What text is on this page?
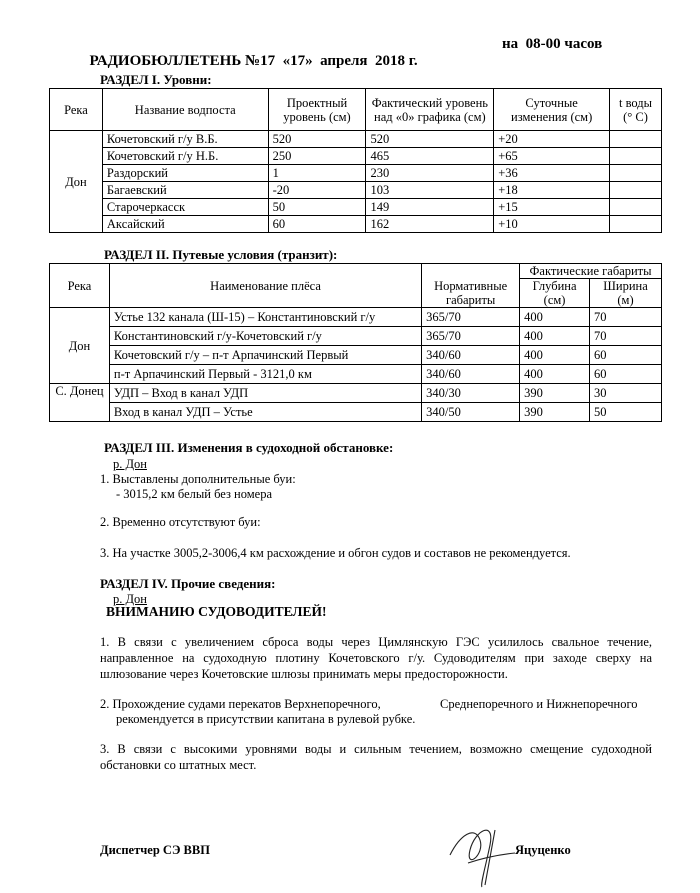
РАДИОБЮЛЛЕТЕНЬ №17  «17»  апреля  2018 г.

на  08-00 часов

РАЗДЕЛ I. Уровни:
Река	Название водпоста	Проектный уровень (см)	Фактический уровень над «0» графика (см)	Суточные изменения (см)	t воды (° С)
Дон	Кочетовский г/у В.Б.	520	520	+20	
	Кочетовский г/у Н.Б.	250	465	+65	
	Раздорский	1	230	+36	
	Багаевский	-20	103	+18	
	Старочеркасск	50	149	+15	
	Аксайский	60	162	+10	
РАЗДЕЛ II. Путевые условия (транзит):
Река	Наименование плёса	Нормативные габариты	Фактические габариты	
			Глубина (см)	Ширина (м)
Дон	Устье 132 канала (Ш-15) – Константиновский г/у	365/70	400	70
	Константиновский г/у-Кочетовский г/у	365/70	400	70
	Кочетовский г/у – п-т Арпачинский Первый	340/60	400	60
	п-т Арпачинский Первый - 3121,0 км	340/60	400	60
С. Донец	УДП – Вход в канал УДП	340/30	390	30
	Вход в канал УДП – Устье	340/50	390	50
РАЗДЕЛ III. Изменения в судоходной обстановке:
р. Дон
1. Выставлены дополнительные буи:
- 3015,2 км белый без номера
2. Временно отсутствуют буи:
3. На участке 3005,2-3006,4 км расхождение и обгон судов и составов не рекомендуется.
РАЗДЕЛ IV. Прочие сведения:
р. Дон
ВНИМАНИЮ СУДОВОДИТЕЛЕЙ!
1. В связи с увеличением сброса воды через Цимлянскую ГЭС усилилось свальное течение, направленное на судоходную плотину Кочетовского г/у. Судоводителям при заходе сверху на шлюзование через Кочетовские шлюзы принимать меры предосторожности.
2. Прохождение судами перекатов Верхнепоречного,	Среднепоречного и Нижнепоречного
рекомендуется в присутствии капитана в рулевой рубке.
3. В связи с высокими уровнями воды и сильным течением, возможно смещение судоходной обстановки со штатных мест.
Диспетчер СЭ ВВП	Яцуценко
